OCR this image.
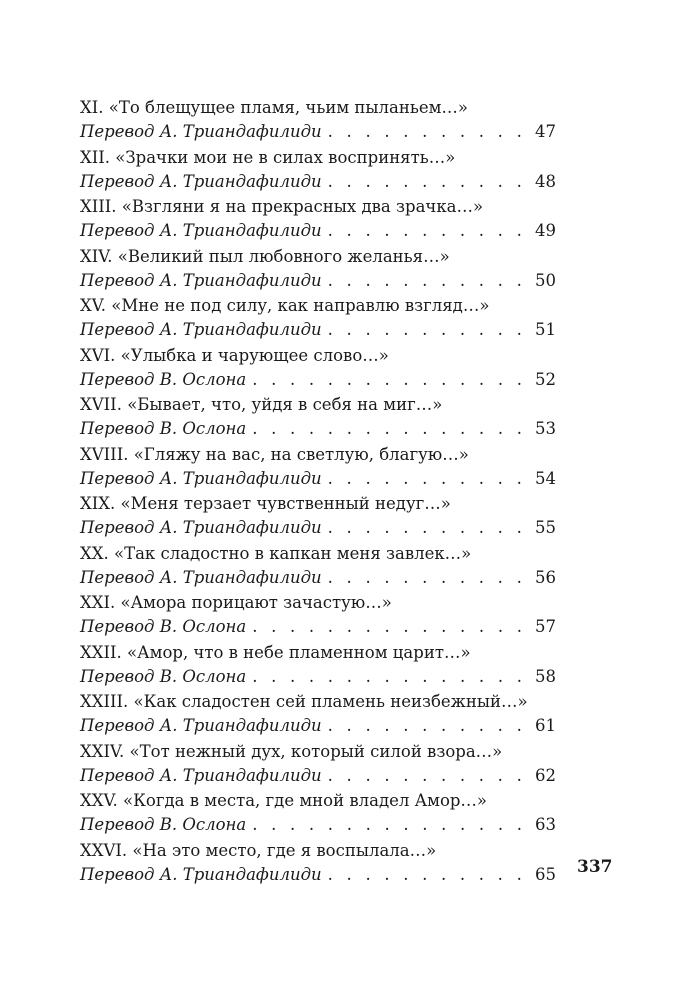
XI. «То блещущее пламя, чьим пыланьем…»
Перевод А. Триандафилиди . . .	47
XII. «Зрачки мои не в силах воспринять…»
Перевод А. Триандафилиди . . .	48
XIII. «Взгляни я на прекрасных два зрачка…»
Перевод А. Триандафилиди . . .	49
XIV. «Великий пыл любовного желанья…»
Перевод А. Триандафилиди . . .	50
XV. «Мне не под силу, как направлю взгляд…»
Перевод А. Триандафилиди . . .	51
XVI. «Улыбка и чарующее слово…»
Перевод В. Ослона . . .	52
XVII. «Бывает, что, уйдя в себя на миг…»
Перевод В. Ослона . . .	53
XVIII. «Гляжу на вас, на светлую, благую…»
Перевод А. Триандафилиди . . .	54
XIX. «Меня терзает чувственный недуг…»
Перевод А. Триандафилиди . . .	55
XX. «Так сладостно в капкан меня завлек…»
Перевод А. Триандафилиди . . .	56
XXI. «Амора порицают зачастую…»
Перевод В. Ослона . . .	57
XXII. «Амор, что в небе пламенном царит…»
Перевод В. Ослона . . .	58
XXIII. «Как сладостен сей пламень неизбежный…»
Перевод А. Триандафилиди . . .	61
XXIV. «Тот нежный дух, который силой взора…»
Перевод А. Триандафилиди . . .	62
XXV. «Когда в места, где мной владел Амор…»
Перевод В. Ослона . . .	63
XXVI. «На это место, где я воспылала…»
Перевод А. Триандафилиди . . .	65 337
